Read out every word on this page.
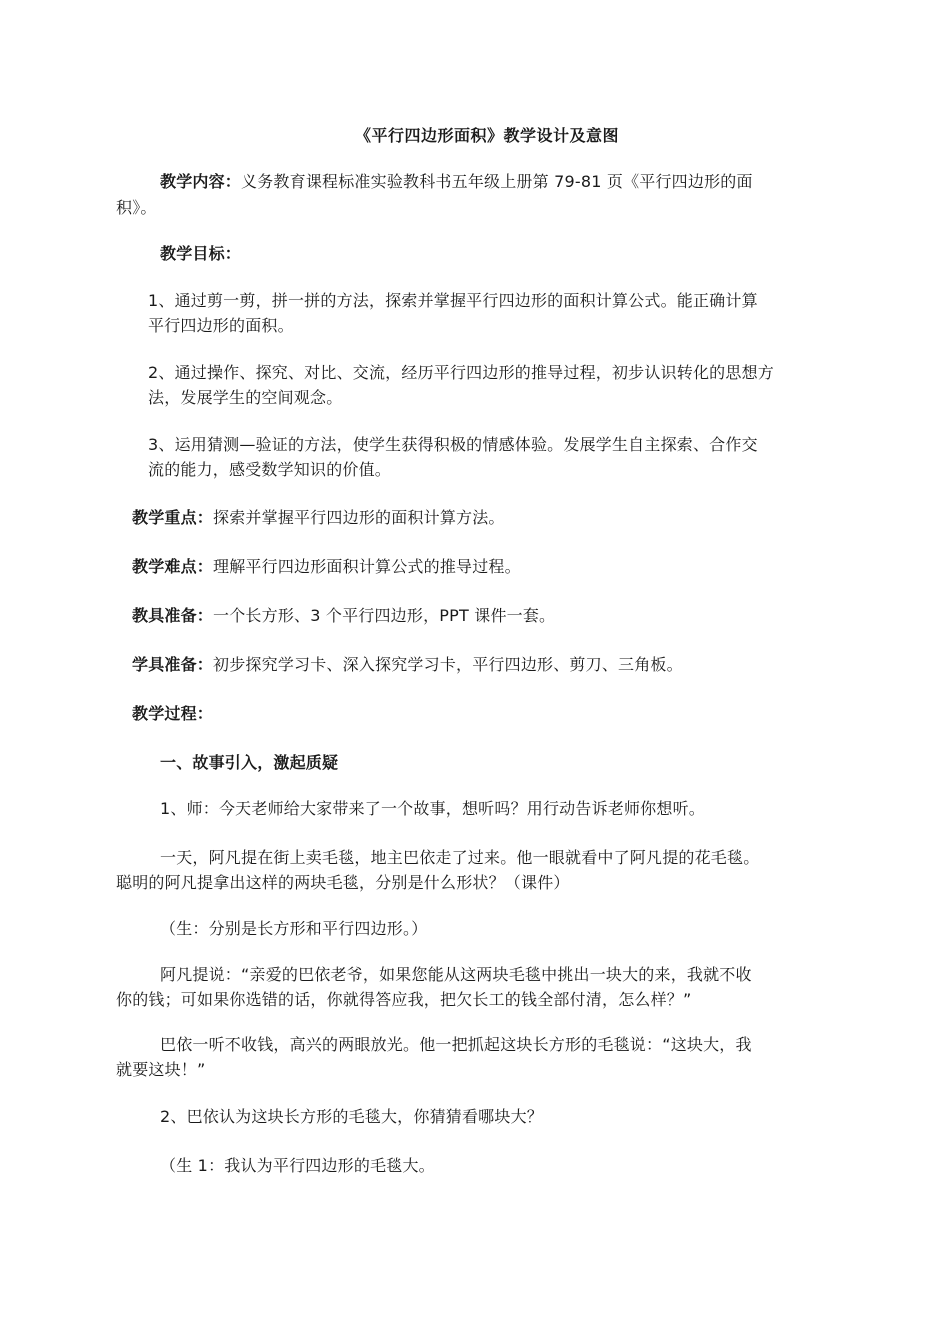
《平行四边形面积》教学设计及意图
教学内容：义务教育课程标准实验教科书五年级上册第 79-81 页《平行四边形的面
积》。
教学目标：
1、通过剪一剪，拼一拼的方法，探索并掌握平行四边形的面积计算公式。能正确计算
平行四边形的面积。
2、通过操作、探究、对比、交流，经历平行四边形的推导过程，初步认识转化的思想方
法，发展学生的空间观念。
3、运用猜测—验证的方法，使学生获得积极的情感体验。发展学生自主探索、合作交
流的能力，感受数学知识的价值。
教学重点：探索并掌握平行四边形的面积计算方法。
教学难点：理解平行四边形面积计算公式的推导过程。
教具准备：一个长方形、3 个平行四边形，PPT 课件一套。
学具准备：初步探究学习卡、深入探究学习卡，平行四边形、剪刀、三角板。
教学过程：
一、故事引入，激起质疑
1、师：今天老师给大家带来了一个故事，想听吗？用行动告诉老师你想听。
一天，阿凡提在街上卖毛毯，地主巴依走了过来。他一眼就看中了阿凡提的花毛毯。
聪明的阿凡提拿出这样的两块毛毯，分别是什么形状？（课件）
（生：分别是长方形和平行四边形。）
阿凡提说：“亲爱的巴依老爷，如果您能从这两块毛毯中挑出一块大的来，我就不收
你的钱；可如果你选错的话，你就得答应我，把欠长工的钱全部付清，怎么样？”
巴依一听不收钱，高兴的两眼放光。他一把抓起这块长方形的毛毯说：“这块大，我
就要这块！”
2、巴依认为这块长方形的毛毯大，你猜猜看哪块大？
（生 1：我认为平行四边形的毛毯大。
